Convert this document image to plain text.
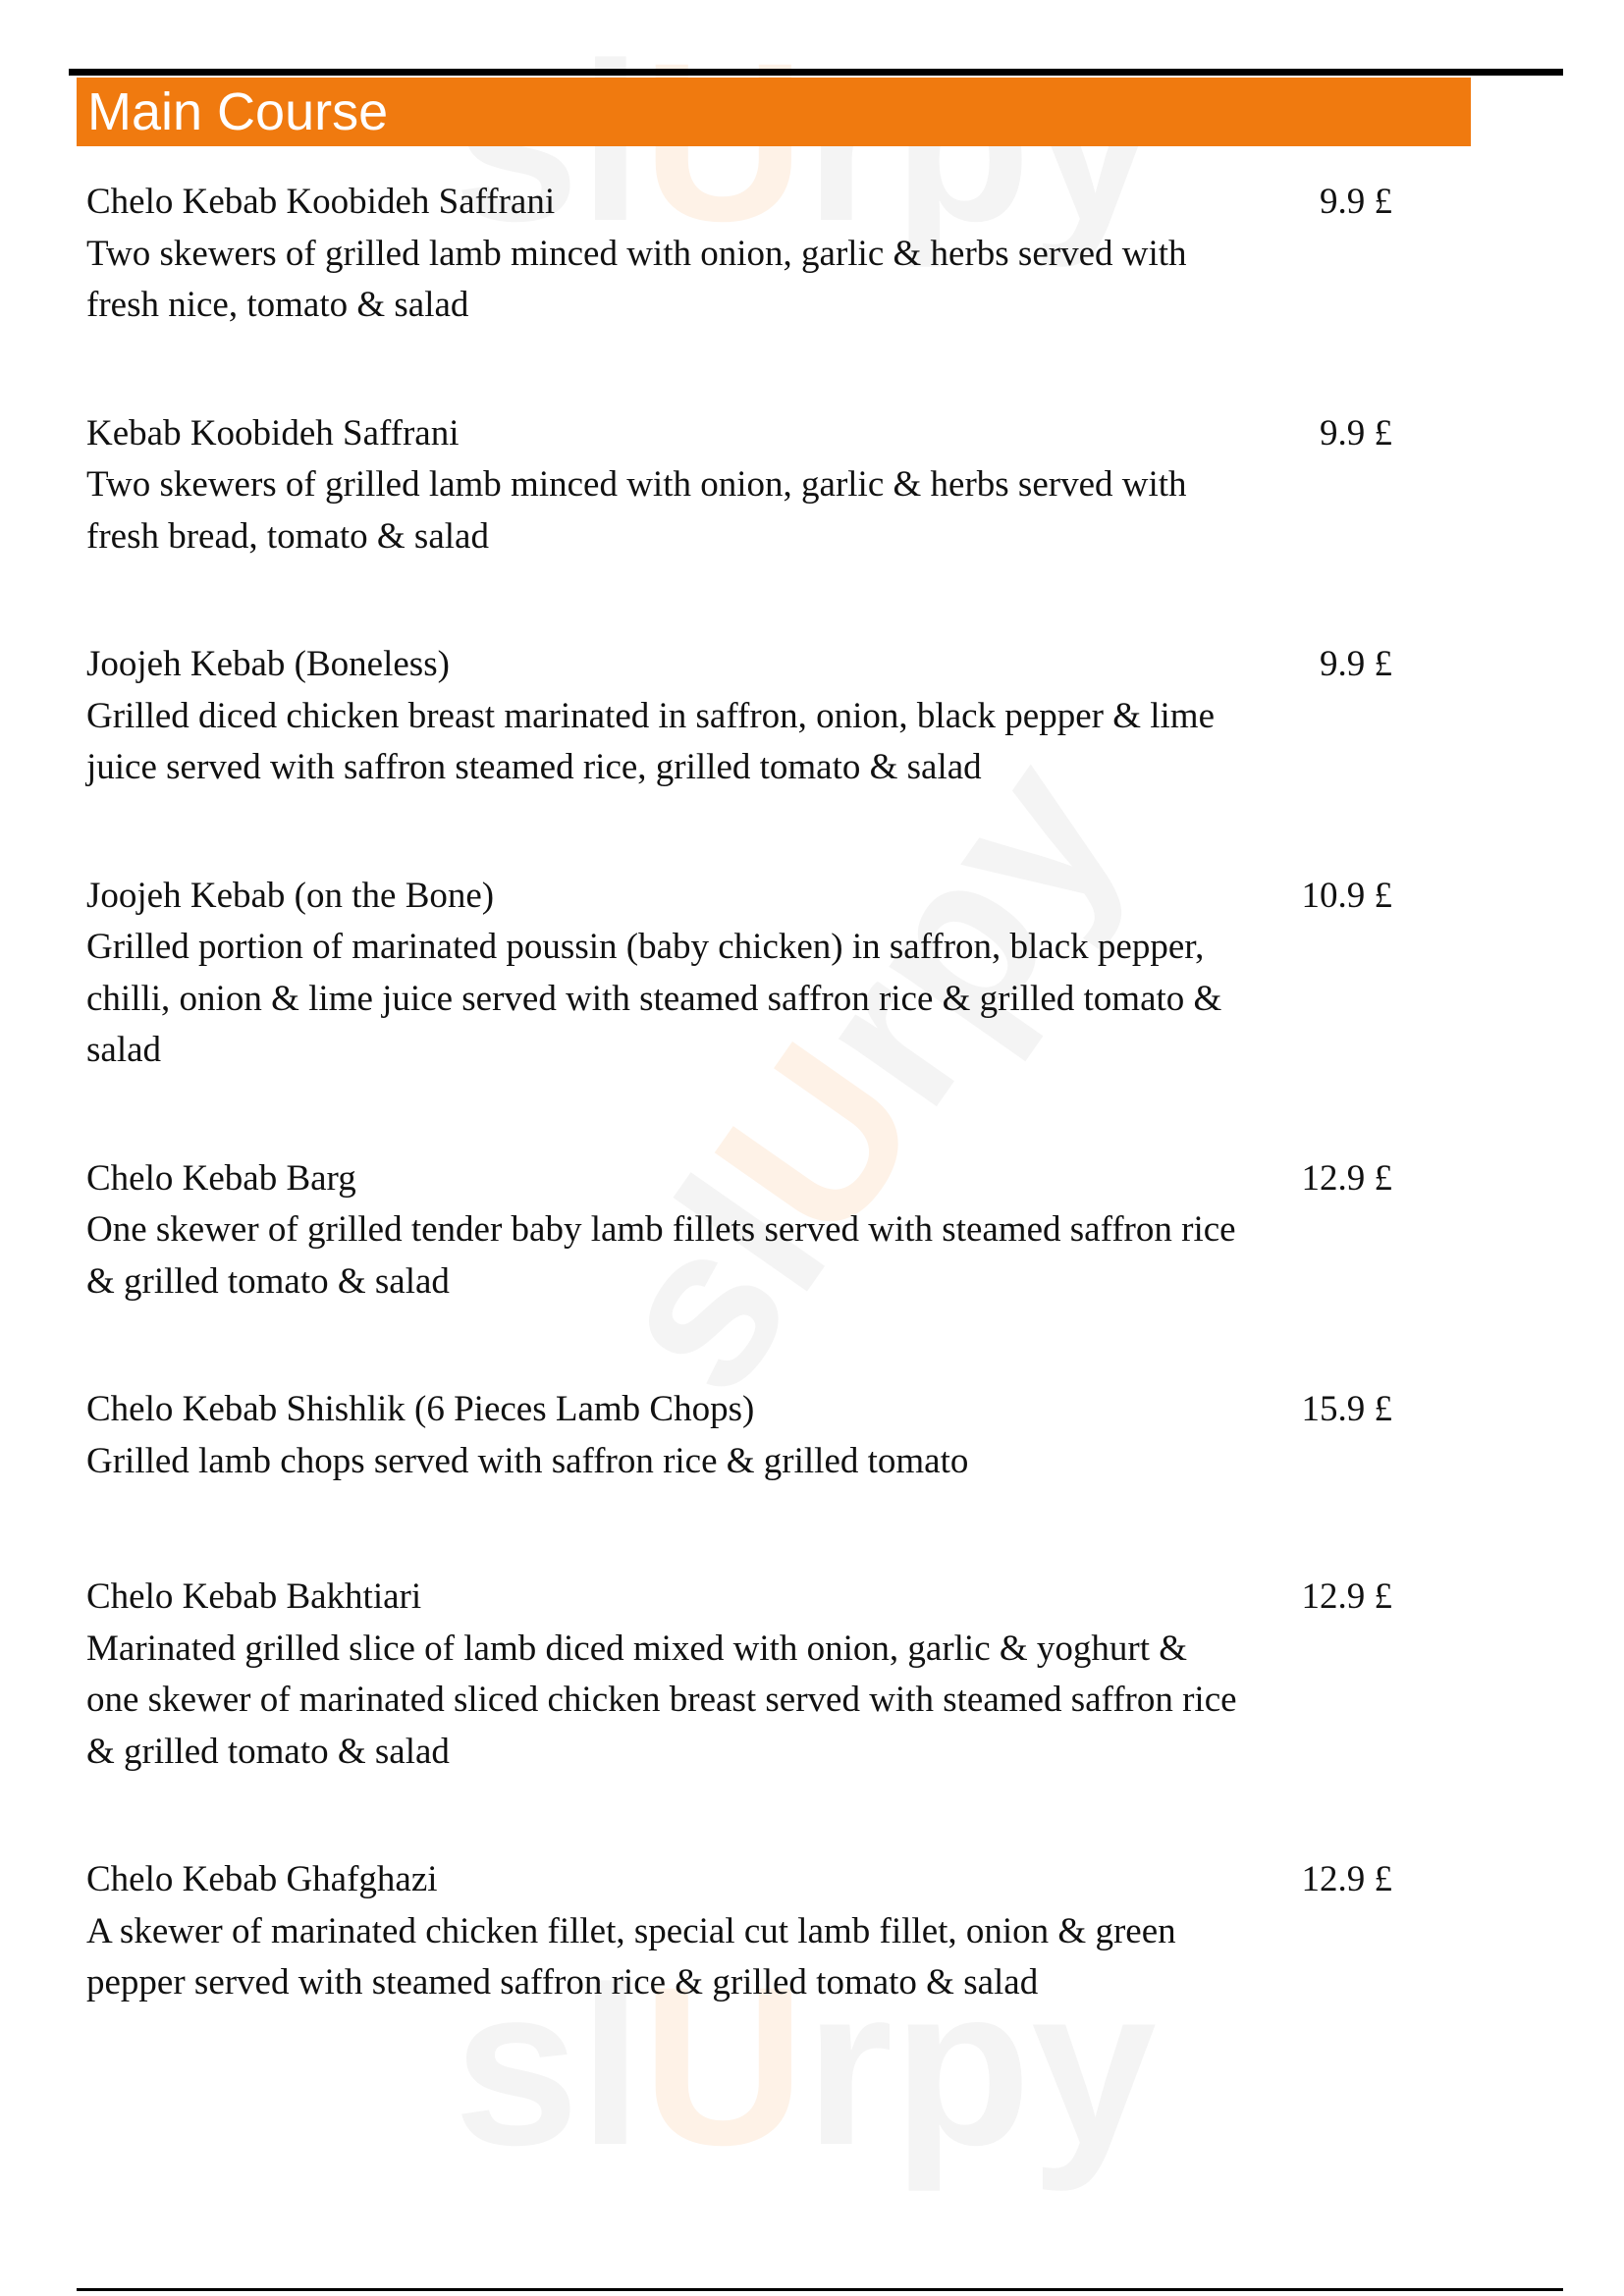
U
U
Main Course
Chelo Kebab Koobideh Saffrani
Two skewers of grilled lamb minced with onion, garlic & herbs served with fresh nice, tomato & salad
9.9 £
Kebab Koobideh Saffrani
Two skewers of grilled lamb minced with onion, garlic & herbs served with fresh bread, tomato & salad
9.9 £
Joojeh Kebab (Boneless)
Grilled diced chicken breast marinated in saffron, onion, black pepper & lime juice served with saffron steamed rice, grilled tomato & salad
9.9 £
Joojeh Kebab (on the Bone)
Grilled portion of marinated poussin (baby chicken) in saffron, black pepper, chilli, onion & lime juice served with steamed saffron rice & grilled tomato & salad
10.9 £
Chelo Kebab Barg
One skewer of grilled tender baby lamb fillets served with steamed saffron rice & grilled tomato & salad
12.9 £
Chelo Kebab Shishlik (6 Pieces Lamb Chops)
Grilled lamb chops served with saffron rice & grilled tomato
15.9 £
Chelo Kebab Bakhtiari
Marinated grilled slice of lamb diced mixed with onion, garlic & yoghurt & one skewer of marinated sliced chicken breast served with steamed saffron rice & grilled tomato & salad
12.9 £
Chelo Kebab Ghafghazi
A skewer of marinated chicken fillet, special cut lamb fillet, onion & green pepper served with steamed saffron rice & grilled tomato & salad
12.9 £
